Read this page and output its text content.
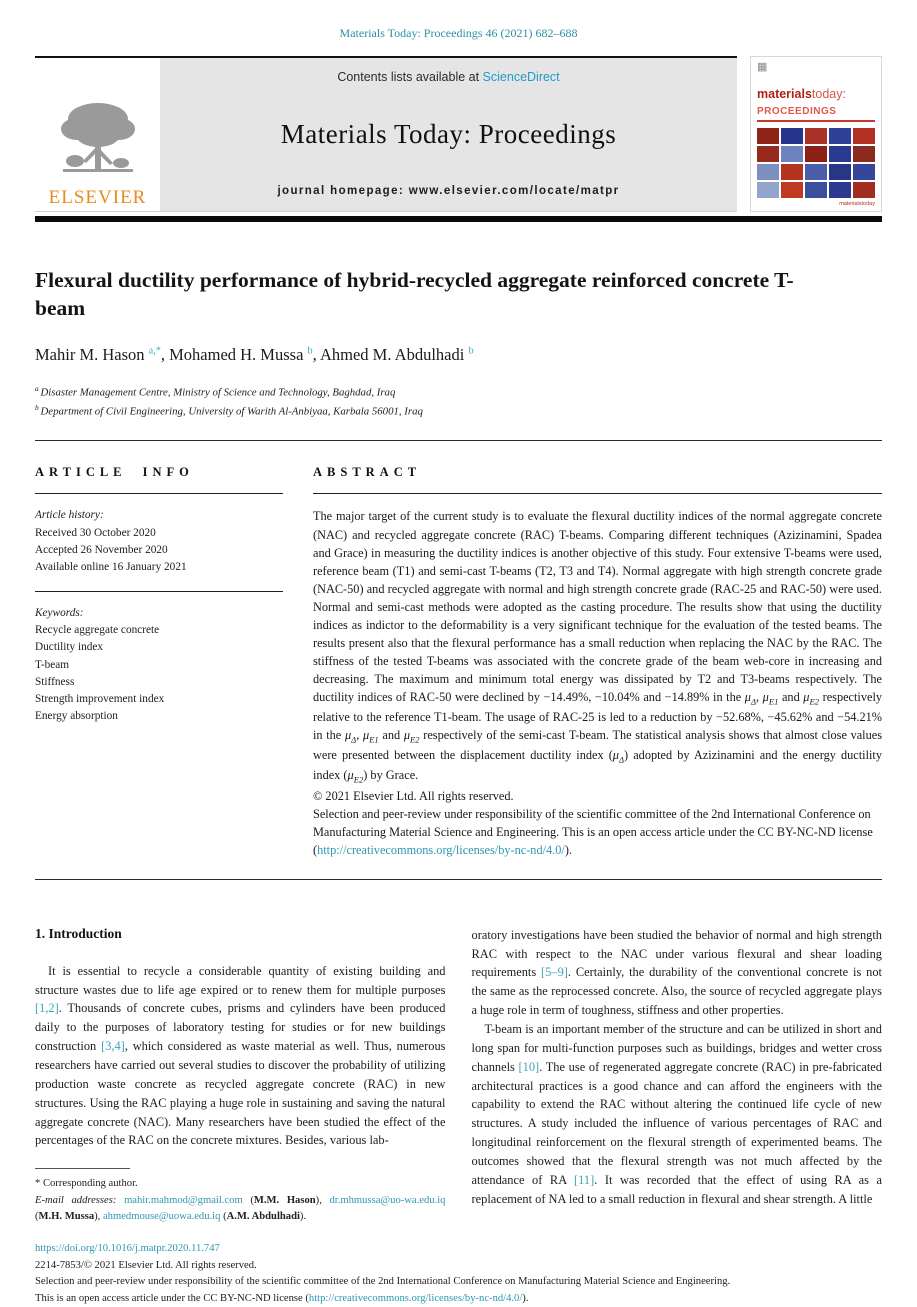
Materials Today: Proceedings 46 (2021) 682–688
ELSEVIER
Contents lists available at ScienceDirect
Materials Today: Proceedings
journal homepage: www.elsevier.com/locate/matpr
▦
materialstoday:
PROCEEDINGS
materialstoday
Flexural ductility performance of hybrid-recycled aggregate reinforced concrete T-beam
Mahir M. Hason $^{a,*}$, Mohamed H. Mussa $^b$, Ahmed M. Abdulhadi $^b$
$^a$ Disaster Management Centre, Ministry of Science and Technology, Baghdad, Iraq
$^b$ Department of Civil Engineering, University of Warith Al-Anbiyaa, Karbala 56001, Iraq
ARTICLE INFO
Article history:
Received 30 October 2020
Accepted 26 November 2020
Available online 16 January 2021
Keywords:
Recycle aggregate concrete
Ductility index
T-beam
Stiffness
Strength improvement index
Energy absorption
ABSTRACT

The major target of the current study is to evaluate the flexural ductility indices of the normal aggregate concrete (NAC) and recycled aggregate concrete (RAC) T-beams. Comparing different techniques (Azizinamini, Spadea and Grace) in measuring the ductility indices is another objective of this study. Four extensive T-beams were used, reference beam (T1) and semi-cast T-beams (T2, T3 and T4). Normal aggregate with high strength concrete grade (NAC-50) and recycled aggregate with normal and high strength concrete grade (RAC-25 and RAC-50) were used. Normal and semi-cast methods were adopted as the casting procedure. The results show that using the ductility indices as indictor to the deformability is a very significant technique for the evaluation of the tested beams. The results present also that the flexural performance has a small reduction when replacing the NAC by the RAC. The stiffness of the tested T-beams was associated with the concrete grade of the beam web-core in increasing and decreasing. The maximum and minimum total energy was dissipated by T2 and T3-beams respectively. The ductility indices of RAC-50 were declined by −14.49%, −10.04% and −14.89% in the $\mu_\Delta$, $\mu_{E1}$ and $\mu_{E2}$ respectively relative to the reference T1-beam. The usage of RAC-25 is led to a reduction by −52.68%, −45.62% and −54.21% in the $\mu_\Delta$, $\mu_{E1}$ and $\mu_{E2}$ respectively of the semi-cast T-beam. The statistical analysis shows that almost close values were presented between the displacement ductility index $(\mu_\Delta)$ adopted by Azizinamini and the energy ductility index $(\mu_{E2})$ by Grace.

© 2021 Elsevier Ltd. All rights reserved.

Selection and peer-review under responsibility of the scientific committee of the 2nd International Conference on Manufacturing Material Science and Engineering. This is an open access article under the CC BY-NC-ND license (http://creativecommons.org/licenses/by-nc-nd/4.0/).

1. Introduction

It is essential to recycle a considerable quantity of existing building and structure wastes due to life age expired or to renew them for multiple purposes [1,2]. Thousands of concrete cubes, prisms and cylinders have been produced daily to the purposes of laboratory testing for studies or for new buildings construction [3,4], which considered as waste material as well. Thus, numerous researchers have carried out several studies to discover the probability of utilizing production waste concrete as recycled aggregate concrete (RAC) in new structures. Using the RAC playing a huge role in sustaining and saving the natural aggregate concrete (NAC). Many researchers have been studied the effect of the percentages of the RAC on the concrete mixtures. Besides, various lab-

* Corresponding author.
E-mail addresses: mahir.mahmod@gmail.com (M.M. Hason), dr.mhmussa@uo-wa.edu.iq (M.H. Mussa), ahmedmouse@uowa.edu.iq (A.M. Abdulhadi).

oratory investigations have been studied the behavior of normal and high strength RAC with respect to the NAC under various flexural and shear loading requirements [5–9]. Certainly, the durability of the conventional concrete is not the same as the reprocessed concrete. Also, the source of recycled aggregate plays a huge role in term of toughness, stiffness and other properties.

T-beam is an important member of the structure and can be utilized in short and long span for multi-function purposes such as buildings, bridges and wetter cross channels [10]. The use of regenerated aggregate concrete (RAC) in pre-fabricated architectural practices is a good chance and can afford the engineers with the capability to extend the RAC without altering the continued life cycle of new structures. A study included the influence of various percentages of RAC and longitudinal reinforcement on the flexural strength of experimented beams. The outcomes showed that the flexural strength was not much affected by the attendance of RA [11]. It was recorded that the effect of using RA as a replacement of NA led to a small reduction in flexural and shear strength. A little

https://doi.org/10.1016/j.matpr.2020.11.747
2214-7853/© 2021 Elsevier Ltd. All rights reserved.
Selection and peer-review under responsibility of the scientific committee of the 2nd International Conference on Manufacturing Material Science and Engineering.
This is an open access article under the CC BY-NC-ND license (http://creativecommons.org/licenses/by-nc-nd/4.0/).
